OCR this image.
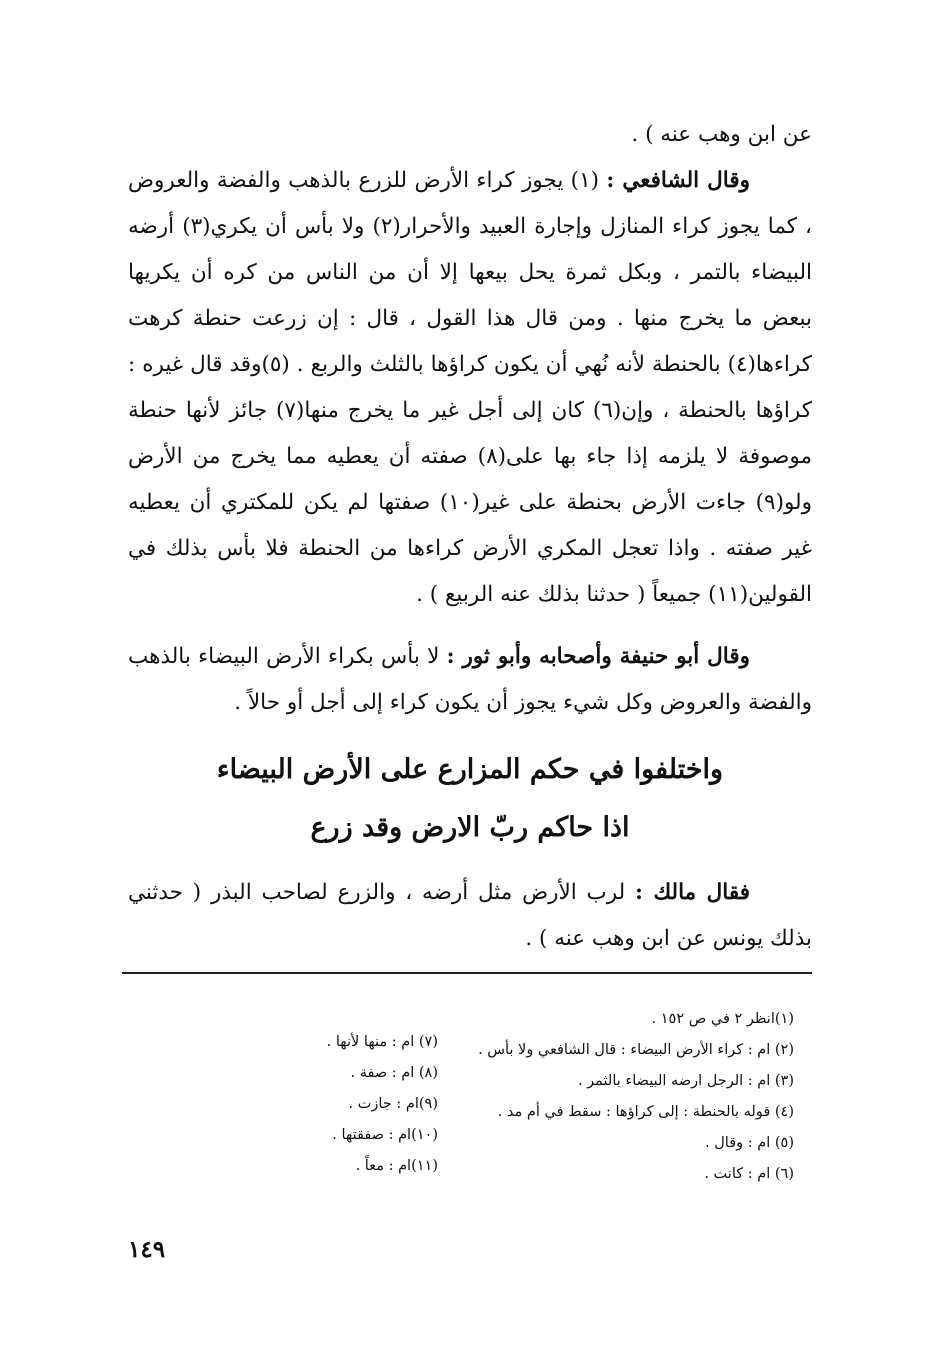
عن ابن وهب عنه ) .

وقال الشافعي : (١) يجوز كراء الأرض للزرع بالذهب والفضة والعروض ، كما يجوز كراء المنازل وإجارة العبيد والأحرار(٢) ولا بأس أن يكري(٣) أرضه البيضاء بالتمر ، وبكل ثمرة يحل بيعها إلا أن من الناس من كره أن يكريها ببعض ما يخرج منها . ومن قال هذا القول ، قال : إن زرعت حنطة كرهت كراءها(٤) بالحنطة لأنه نُهي أن يكون كراؤها بالثلث والربع . (٥)وقد قال غيره : كراؤها بالحنطة ، وإن(٦) كان إلى أجل غير ما يخرج منها(٧) جائز لأنها حنطة موصوفة لا يلزمه إذا جاء بها على(٨) صفته أن يعطيه مما يخرج من الأرض ولو(٩) جاءت الأرض بحنطة على غير(١٠) صفتها لم يكن للمكتري أن يعطيه غير صفته . واذا تعجل المكري الأرض كراءها من الحنطة فلا بأس بذلك في القولين(١١) جميعاً ( حدثنا بذلك عنه الربيع ) .

وقال أبو حنيفة وأصحابه وأبو ثور : لا بأس بكراء الأرض البيضاء بالذهب والفضة والعروض وكل شيء يجوز أن يكون كراء إلى أجل أو حالاً .

واختلفوا في حكم المزارع على الأرض البيضاء
اذا حاكم ربّ الارض وقد زرع

فقال مالك : لرب الأرض مثل أرضه ، والزرع لصاحب البذر ( حدثني بذلك يونس عن ابن وهب عنه ) .

(١)انظر ٢ في ص ١٥٢ .
(٢) ام : كراء الأرض البيضاء : قال الشافعي ولا بأس .
(٣) ام : الرجل ارضه البيضاء بالثمر .
(٤) قوله بالحنطة : إلى كراؤها : سقط في أم مد .
(٥) ام : وقال .
(٦) ام : كانت .
(٧) ام : منها لأنها .
(٨) ام : صفة .
(٩)ام : جازت .
(١٠)ام : صفقتها .
(١١)ام : معاً .
١٤٩
